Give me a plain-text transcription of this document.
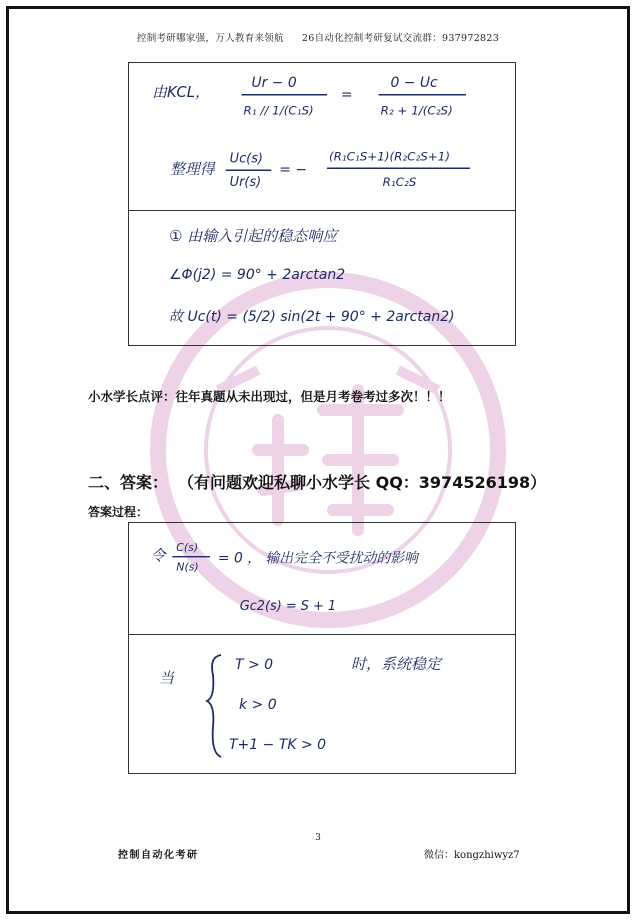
控制考研哪家强，万人教育来领航 26自动化控制考研复试交流群：937972823
由KCL，	Ur − 0
R₁ // 1/(C₁S)
=
0 − Uc
R₂ + 1/(C₂S)
整理得
Uc(s)
Ur(s)
= −
(R₁C₁S+1)(R₂C₂S+1)
R₁C₂S
① 由输入引起的稳态响应
∠Φ(j2) = 90° + 2arctan2
故 Uc(t) = (5/2) sin(2t + 90° + 2arctan2)
小水学长点评：往年真题从未出现过，但是月考卷考过多次！！！
二、答案： （有问题欢迎私聊小水学长 QQ：3974526198）
答案过程：
令 C(s)
N(s)
= 0 ， 输出完全不受扰动的影响
Gc2(s) = S + 1
当
T > 0
k > 0
T+1 − TK > 0
时，系统稳定
3
控制自动化考研	微信：kongzhiwyz7
